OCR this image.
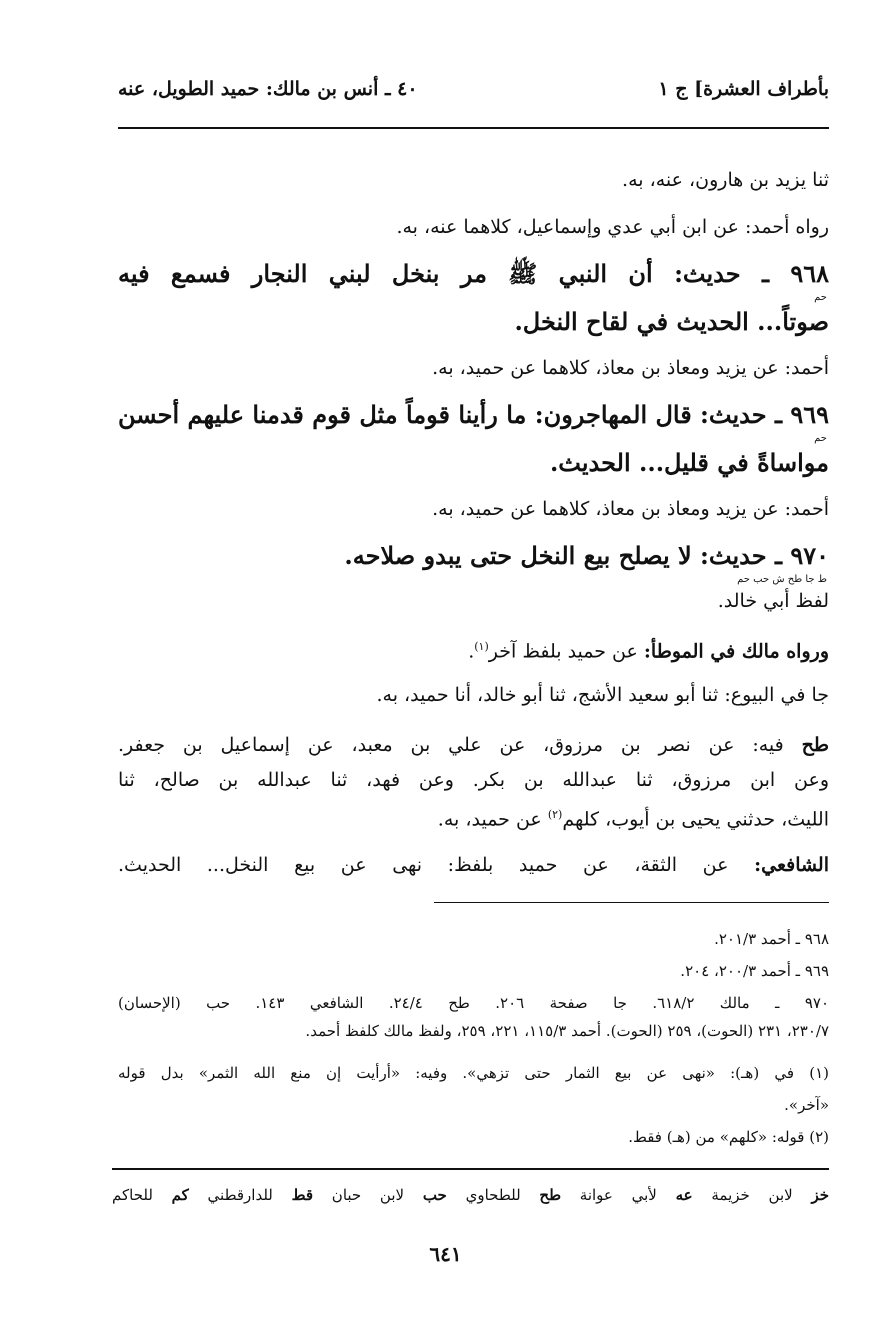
بأطراف العشرة] ج ١
٤٠ ـ أنس بن مالك: حميد الطويل، عنه
ثنا يزيد بن هارون، عنه، به.
رواه أحمد: عن ابن أبي عدي وإسماعيل، كلاهما عنه، به.
٩٦٨ ـ حديث: أن النبي ﷺ مر بنخل لبني النجار فسمع فيه
حم
صوتاً... الحديث في لقاح النخل.
أحمد: عن يزيد ومعاذ بن معاذ، كلاهما عن حميد، به.
٩٦٩ ـ حديث: قال المهاجرون: ما رأينا قوماً مثل قوم قدمنا عليهم أحسن
حم
مواساةً في قليل... الحديث.
أحمد: عن يزيد ومعاذ بن معاذ، كلاهما عن حميد، به.
٩٧٠ ـ حديث: لا يصلح بيع النخل حتى يبدو صلاحه.
ط جا طح ش حب حم
لفظ أبي خالد.
ورواه مالك في الموطأ: عن حميد بلفظ آخر$^{(١)}$.
جا في البيوع: ثنا أبو سعيد الأشج، ثنا أبو خالد، أنا حميد، به.
طح فيه: عن نصر بن مرزوق، عن علي بن معبد، عن إسماعيل بن جعفر.
وعن ابن مرزوق، ثنا عبدالله بن بكر. وعن فهد، ثنا عبدالله بن صالح، ثنا
الليث، حدثني يحيى بن أيوب، كلهم$^{(٢)}$ عن حميد، به.
الشافعي: عن الثقة، عن حميد بلفظ: نهى عن بيع النخل... الحديث.
٩٦٨ ـ أحمد ٢٠١/٣.
٩٦٩ ـ أحمد ٢٠٠/٣، ٢٠٤.
٩٧٠ ـ مالك ٦١٨/٢. جا صفحة ٢٠٦. طح ٢٤/٤. الشافعي ١٤٣. حب (الإحسان)
٢٣٠/٧، ٢٣١ (الحوت)، ٢٥٩ (الحوت). أحمد ١١٥/٣، ٢٢١، ٢٥٩، ولفظ مالك كلفظ أحمد.
(١) في (هـ): «نهى عن بيع الثمار حتى تزهي». وفيه: «أرأيت إن منع الله الثمر» بدل قوله
«آخر».
(٢) قوله: «كلهم» من (هـ) فقط.
خز لابن خزيمة عه لأبي عوانة طح للطحاوي حب لابن حبان قط للدارقطني كم للحاكم
٦٤١
